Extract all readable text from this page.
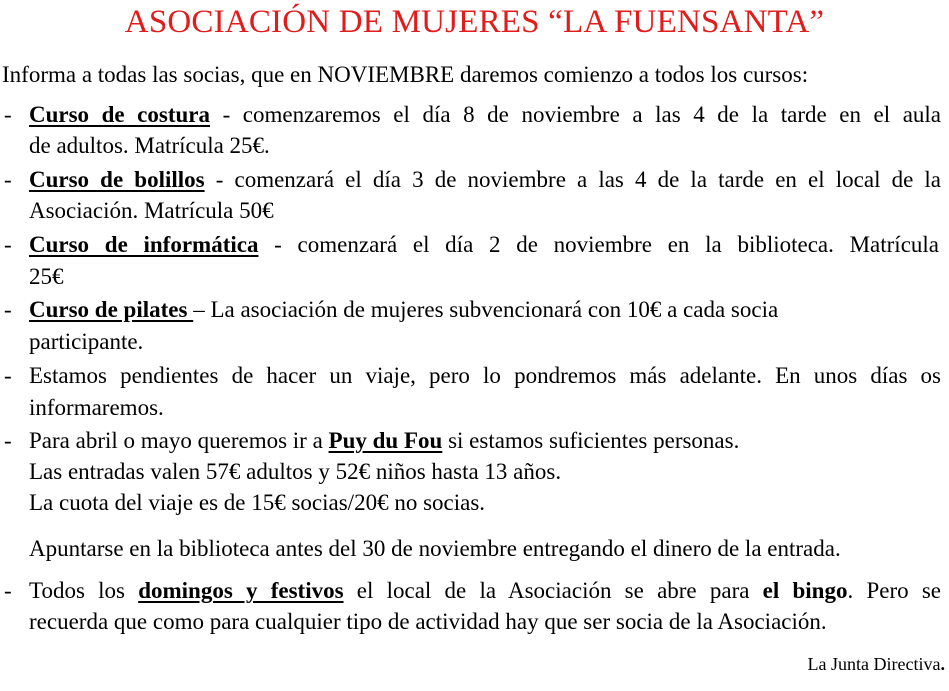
ASOCIACIÓN DE MUJERES “LA FUENSANTA”
Informa a todas las socias, que en NOVIEMBRE daremos comienzo a todos los cursos:
- Curso de costura - comenzaremos el día 8 de noviembre a las 4 de la tarde en el aula
de adultos. Matrícula 25€.
- Curso de bolillos - comenzará el día 3 de noviembre a las 4 de la tarde en el local de la
Asociación. Matrícula 50€
- Curso de informática - comenzará el día 2 de noviembre en la biblioteca. Matrícula
25€
- Curso de pilates – La asociación de mujeres subvencionará con 10€ a cada socia
participante.
- Estamos pendientes de hacer un viaje, pero lo pondremos más adelante. En unos días os
informaremos.
- Para abril o mayo queremos ir a Puy du Fou si estamos suficientes personas.
Las entradas valen 57€ adultos y 52€ niños hasta 13 años.
La cuota del viaje es de 15€ socias/20€ no socias.
Apuntarse en la biblioteca antes del 30 de noviembre entregando el dinero de la entrada.
- Todos los domingos y festivos el local de la Asociación se abre para el bingo. Pero se
recuerda que como para cualquier tipo de actividad hay que ser socia de la Asociación.
La Junta Directiva.
